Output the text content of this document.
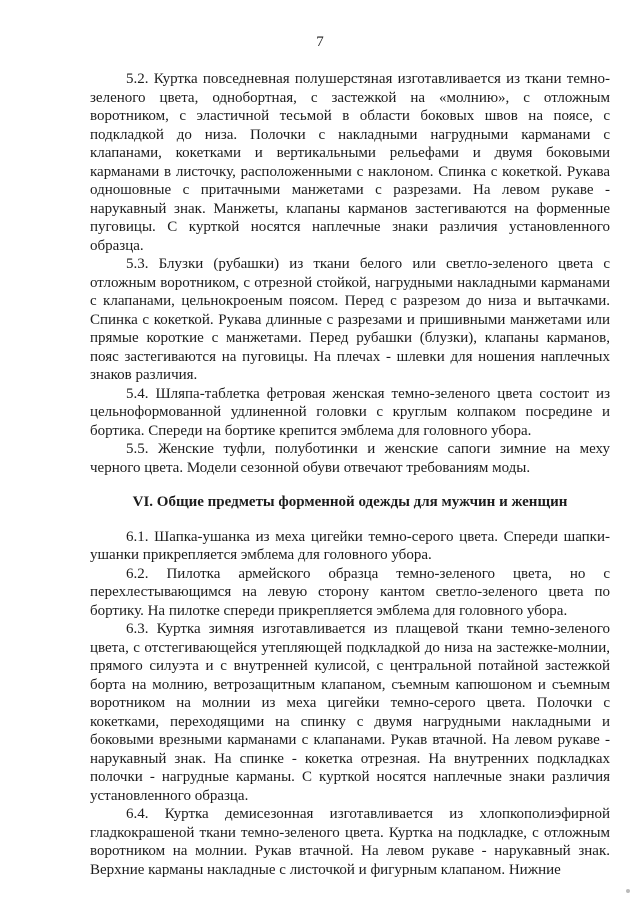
7

5.2. Куртка повседневная полушерстяная изготавливается из ткани темно-зеленого цвета, однобортная, с застежкой на «молнию», с отложным воротником, с эластичной тесьмой в области боковых швов на поясе, с подкладкой до низа. Полочки с накладными нагрудными карманами с клапанами, кокетками и вертикальными рельефами и двумя боковыми карманами в листочку, расположенными с наклоном. Спинка с кокеткой. Рукава одношовные с притачными манжетами с разрезами. На левом рукаве - нарукавный знак. Манжеты, клапаны карманов застегиваются на форменные пуговицы. С курткой носятся наплечные знаки различия установленного образца.

5.3. Блузки (рубашки) из ткани белого или светло-зеленого цвета с отложным воротником, с отрезной стойкой, нагрудными накладными карманами с клапанами, цельнокроеным поясом. Перед с разрезом до низа и вытачками. Спинка с кокеткой. Рукава длинные с разрезами и пришивными манжетами или прямые короткие с манжетами. Перед рубашки (блузки), клапаны карманов, пояс застегиваются на пуговицы. На плечах - шлевки для ношения наплечных знаков различия.

5.4. Шляпа-таблетка фетровая женская темно-зеленого цвета состоит из цельноформованной удлиненной головки с круглым колпаком посредине и бортика. Спереди на бортике крепится эмблема для головного убора.

5.5. Женские туфли, полуботинки и женские сапоги зимние на меху черного цвета. Модели сезонной обуви отвечают требованиям моды.

VI. Общие предметы форменной одежды для мужчин и женщин

6.1. Шапка-ушанка из меха цигейки темно-серого цвета. Спереди шапки-ушанки прикрепляется эмблема для головного убора.

6.2. Пилотка армейского образца темно-зеленого цвета, но с перехлестывающимся на левую сторону кантом светло-зеленого цвета по бортику. На пилотке спереди прикрепляется эмблема для головного убора.

6.3. Куртка зимняя изготавливается из плащевой ткани темно-зеленого цвета, с отстегивающейся утепляющей подкладкой до низа на застежке-молнии, прямого силуэта и с внутренней кулисой, с центральной потайной застежкой борта на молнию, ветрозащитным клапаном, съемным капюшоном и съемным воротником на молнии из меха цигейки темно-серого цвета. Полочки с кокетками, переходящими на спинку с двумя нагрудными накладными и боковыми врезными карманами с клапанами. Рукав втачной. На левом рукаве - нарукавный знак. На спинке - кокетка отрезная. На внутренних подкладках полочки - нагрудные карманы. С курткой носятся наплечные знаки различия установленного образца.

6.4. Куртка демисезонная изготавливается из хлопкополиэфирной гладкокрашеной ткани темно-зеленого цвета. Куртка на подкладке, с отложным воротником на молнии. Рукав втачной. На левом рукаве - нарукавный знак. Верхние карманы накладные с листочкой и фигурным клапаном. Нижние
